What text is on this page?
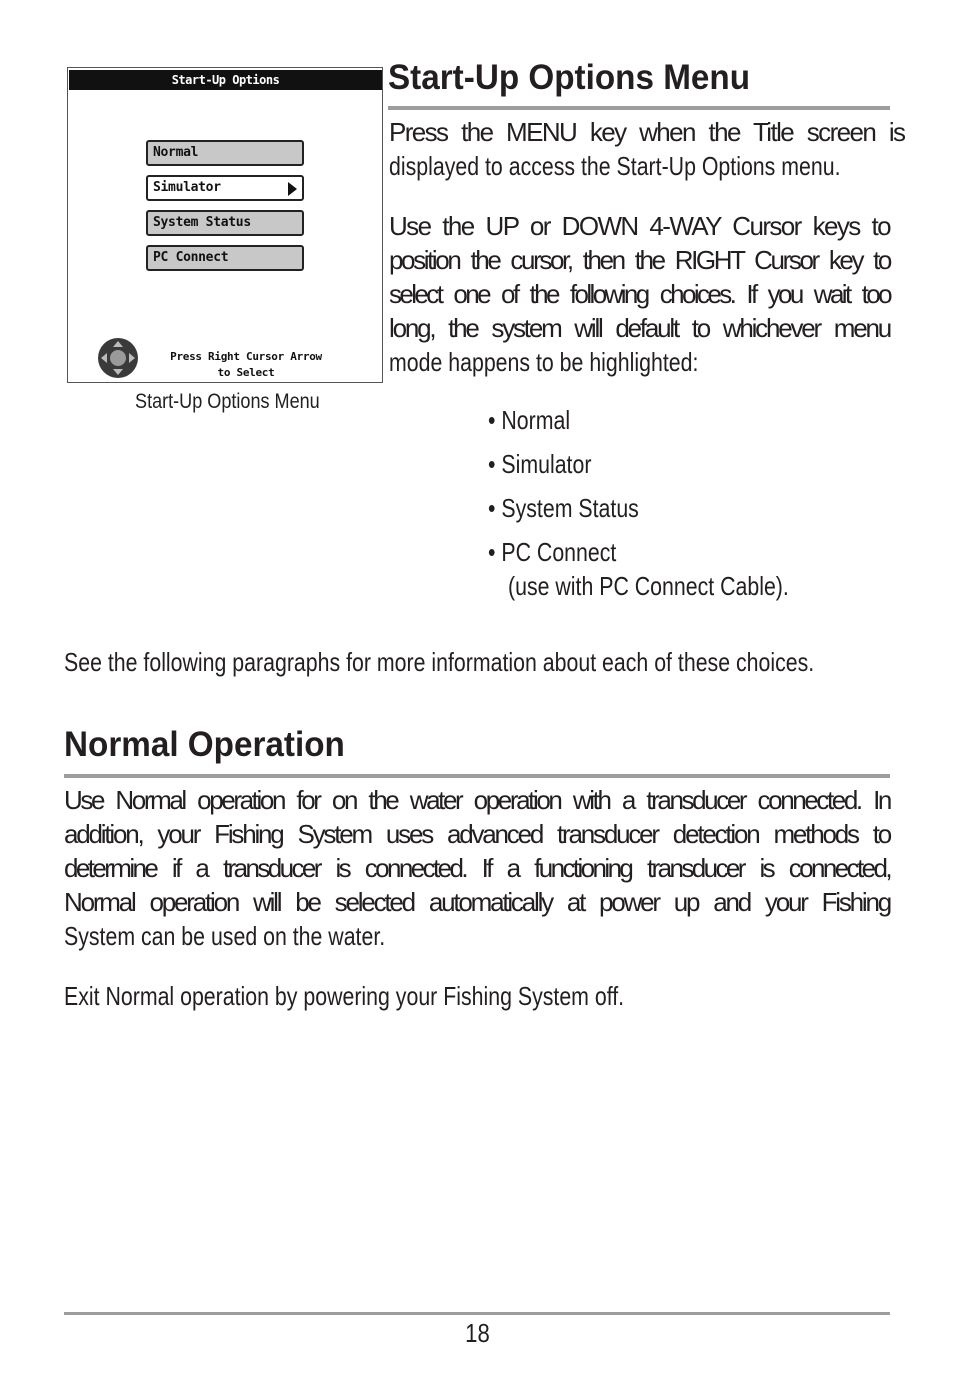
Start-Up Options
Normal
Simulator
System Status
PC Connect
Press Right Cursor Arrow
to Select
Start-Up Options Menu
Start-Up Options Menu
Press the MENU key when the Title screen is
displayed to access the Start-Up Options menu.
Use the UP or DOWN 4-WAY Cursor keys to
position the cursor, then the RIGHT Cursor key to
select one of the following choices. If you wait too
long, the system will default to whichever menu
mode happens to be highlighted:
• Normal
• Simulator
• System Status
• PC Connect
(use with PC Connect Cable).
See the following paragraphs for more information about each of these choices.
Normal Operation
Use Normal operation for on the water operation with a transducer connected. In
addition, your Fishing System uses advanced transducer detection methods to
determine if a transducer is connected. If a functioning transducer is connected,
Normal operation will be selected automatically at power up and your Fishing
System can be used on the water.
Exit Normal operation by powering your Fishing System off.
18
